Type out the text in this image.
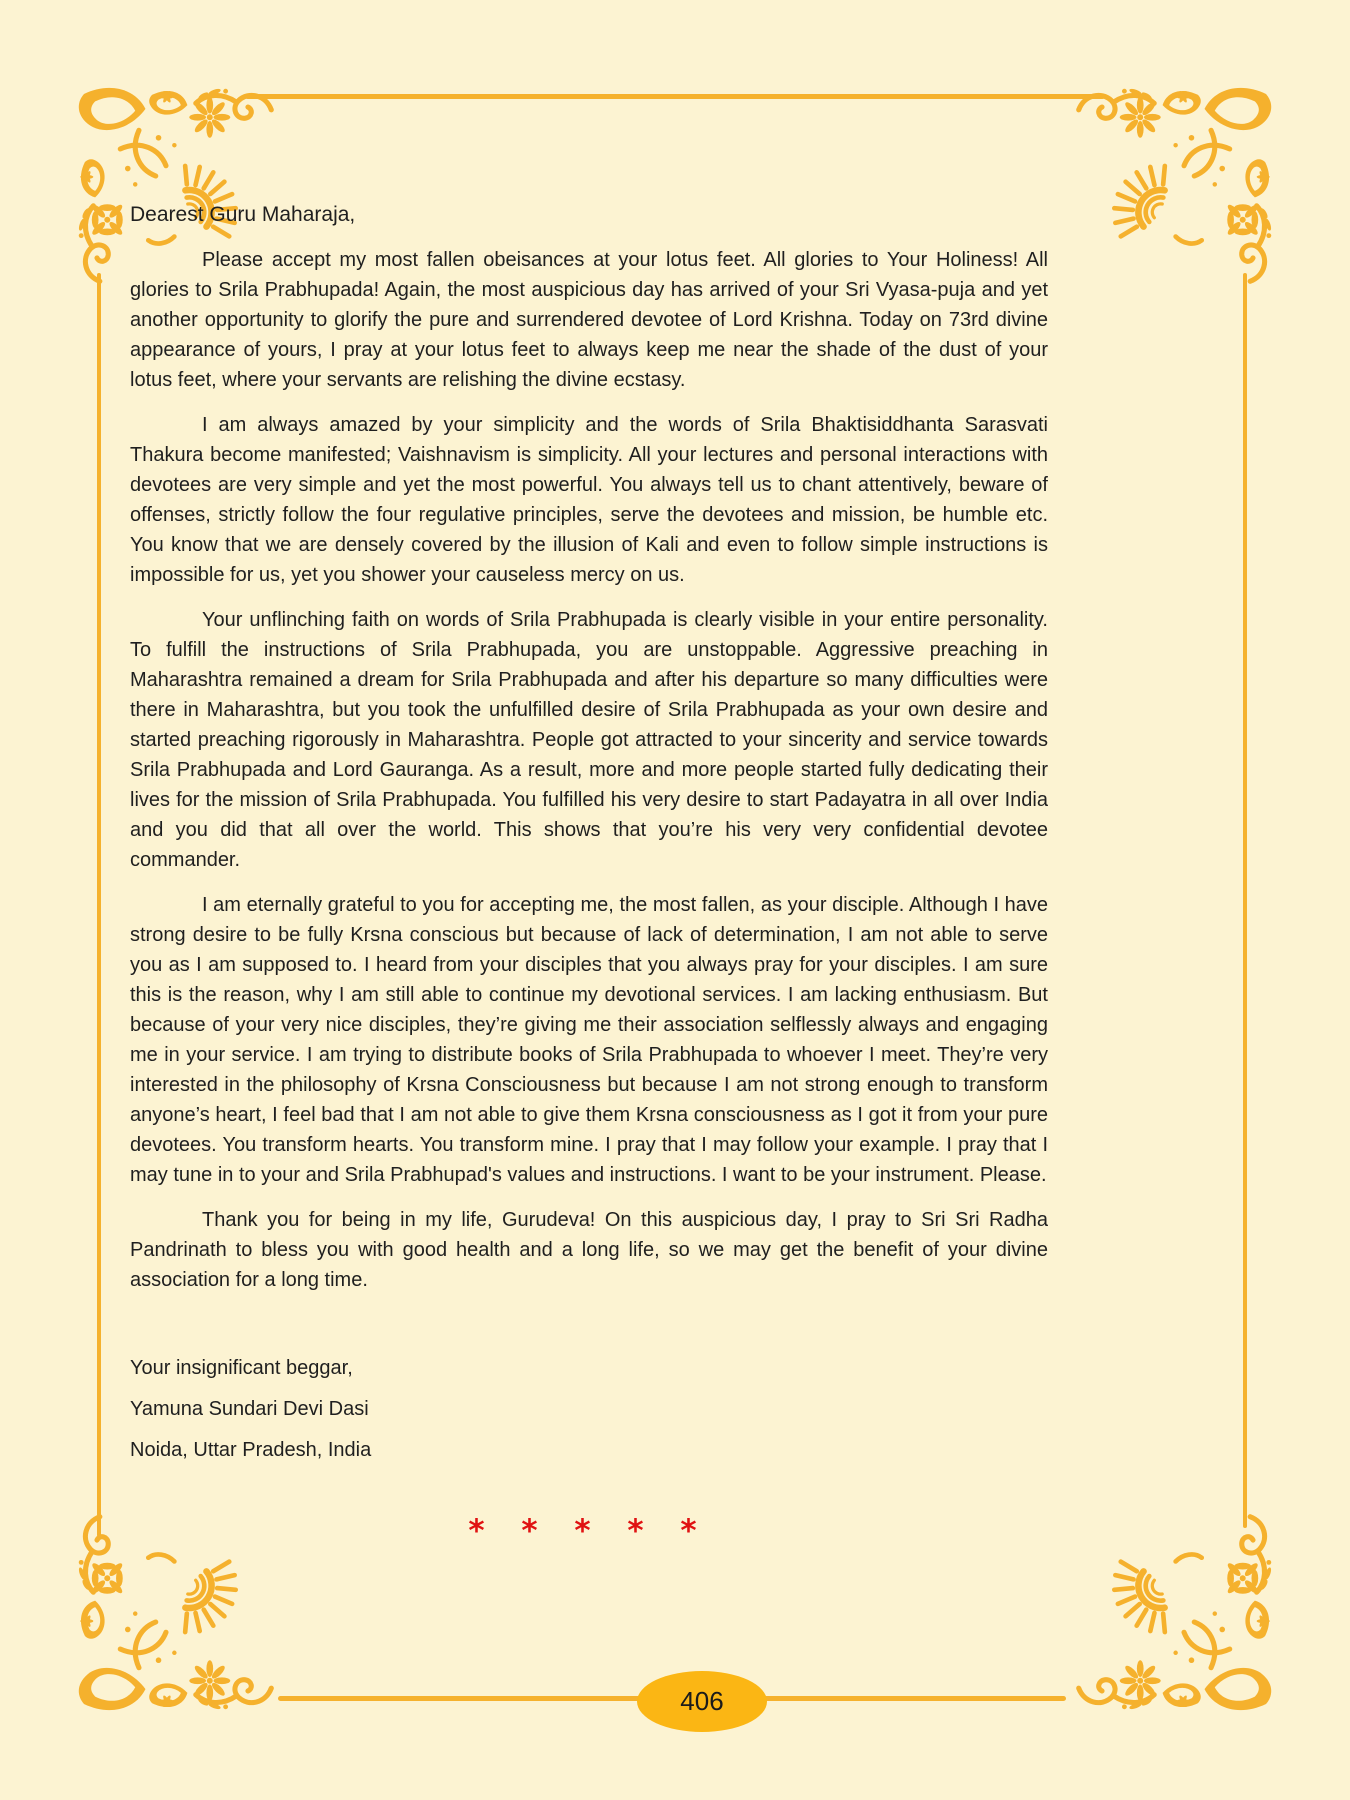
Dearest Guru Maharaja,

Please accept my most fallen obeisances at your lotus feet. All glories to Your Holiness! All glories to Srila Prabhupada! Again, the most auspicious day has arrived of your Sri Vyasa-puja and yet another opportunity to glorify the pure and surrendered devotee of Lord Krishna. Today on 73rd divine appearance of yours, I pray at your lotus feet to always keep me near the shade of the dust of your lotus feet, where your servants are relishing the divine ecstasy.

I am always amazed by your simplicity and the words of Srila Bhaktisiddhanta Sarasvati Thakura become manifested; Vaishnavism is simplicity. All your lectures and personal interactions with devotees are very simple and yet the most powerful. You always tell us to chant attentively, beware of offenses, strictly follow the four regulative principles, serve the devotees and mission, be humble etc. You know that we are densely covered by the illusion of Kali and even to follow simple instructions is impossible for us, yet you shower your causeless mercy on us.

Your unflinching faith on words of Srila Prabhupada is clearly visible in your entire personality. To fulfill the instructions of Srila Prabhupada, you are unstoppable. Aggressive preaching in Maharashtra remained a dream for Srila Prabhupada and after his departure so many difficulties were there in Maharashtra, but you took the unfulfilled desire of Srila Prabhupada as your own desire and started preaching rigorously in Maharashtra. People got attracted to your sincerity and service towards Srila Prabhupada and Lord Gauranga. As a result, more and more people started fully dedicating their lives for the mission of Srila Prabhupada. You fulfilled his very desire to start Padayatra in all over India and you did that all over the world. This shows that you’re his very very confidential devotee commander.

I am eternally grateful to you for accepting me, the most fallen, as your disciple. Although I have strong desire to be fully Krsna conscious but because of lack of determination, I am not able to serve you as I am supposed to. I heard from your disciples that you always pray for your disciples. I am sure this is the reason, why I am still able to continue my devotional services. I am lacking enthusiasm. But because of your very nice disciples, they’re giving me their association selflessly always and engaging me in your service. I am trying to distribute books of Srila Prabhupada to whoever I meet. They’re very interested in the philosophy of Krsna Consciousness but because I am not strong enough to transform anyone’s heart, I feel bad that I am not able to give them Krsna consciousness as I got it from your pure devotees. You transform hearts. You transform mine. I pray that I may follow your example. I pray that I may tune in to your and Srila Prabhupad's values and instructions. I want to be your instrument. Please.

Thank you for being in my life, Gurudeva! On this auspicious day, I pray to Sri Sri Radha Pandrinath to bless you with good health and a long life, so we may get the benefit of your divine association for a long time.

Your insignificant beggar,

Yamuna Sundari Devi Dasi

Noida, Uttar Pradesh, India

* * * * *
406
